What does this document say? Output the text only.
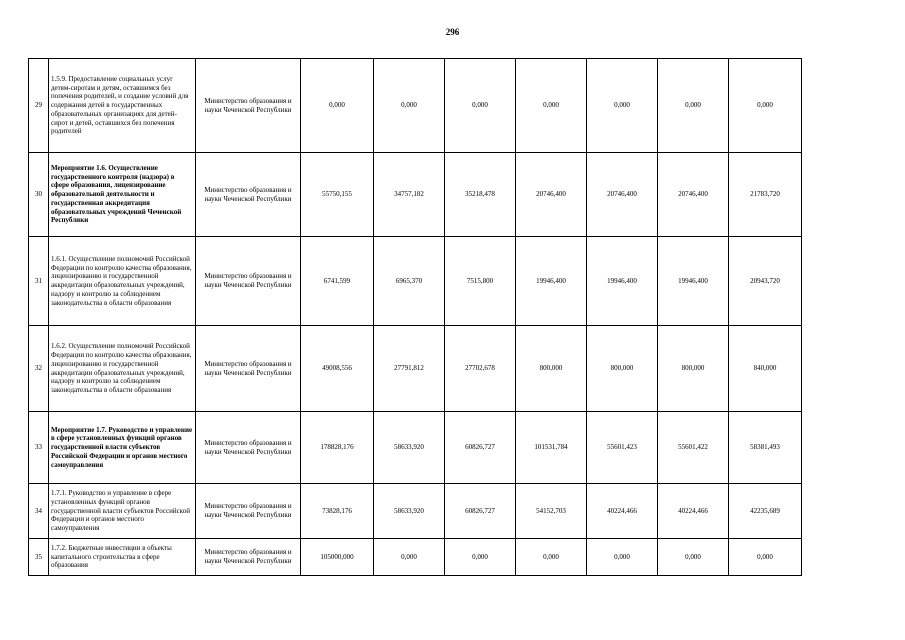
296
29	1.5.9. Предоставление социальных услуг детям-сиротам и детям, оставшимся без попечения родителей, и создание условий для содержания детей в государственных образовательных организациях для детей-сирот и детей, оставшихся без попечения родителей	Министерство образования и науки Чеченской Республики	0,000	0,000	0,000	0,000	0,000	0,000	0,000
30	Мероприятие 1.6. Осуществление государственного контроля (надзора) в сфере образования, лицензирование образовательной деятельности и государственная аккредитация образовательных учреждений Чеченской Республики	Министерство образования и науки Чеченской Республики	55750,155	34757,182	35218,478	20746,400	20746,400	20746,400	21783,720
31	1.6.1. Осуществление полномочий Российской Федерации по контролю качества образования, лицензированию и государственной аккредитации образовательных учреждений, надзору и контролю за соблюдением законодательства в области образования	Министерство образования и науки Чеченской Республики	6741,599	6965,370	7515,800	19946,400	19946,400	19946,400	20943,720
32	1.6.2. Осуществление полномочий Российской Федерации по контролю качества образования, лицензированию и государственной аккредитации образовательных учреждений, надзору и контролю за соблюдением законодательства в области образования	Министерство образования и науки Чеченской Республики	49008,556	27791,812	27702,678	800,000	800,000	800,000	840,000
33	Мероприятие 1.7. Руководство и управление в сфере установленных функций органов государственной власти субъектов Российской Федерации и органов местного самоуправления	Министерство образования и науки Чеченской Республики	178828,176	58633,920	60826,727	101531,784	55601,423	55601,422	58381,493
34	1.7.1. Руководство и управление в сфере установленных функций органов государственной власти субъектов Российской Федерации и органов местного самоуправления	Министерство образования и науки Чеченской Республики	73828,176	58633,920	60826,727	54152,703	40224,466	40224,466	42235,689
35	1.7.2. Бюджетные инвестиции в объекты капитального строительства в сфере образования	Министерство образования и науки Чеченской Республики	105000,000	0,000	0,000	0,000	0,000	0,000	0,000
